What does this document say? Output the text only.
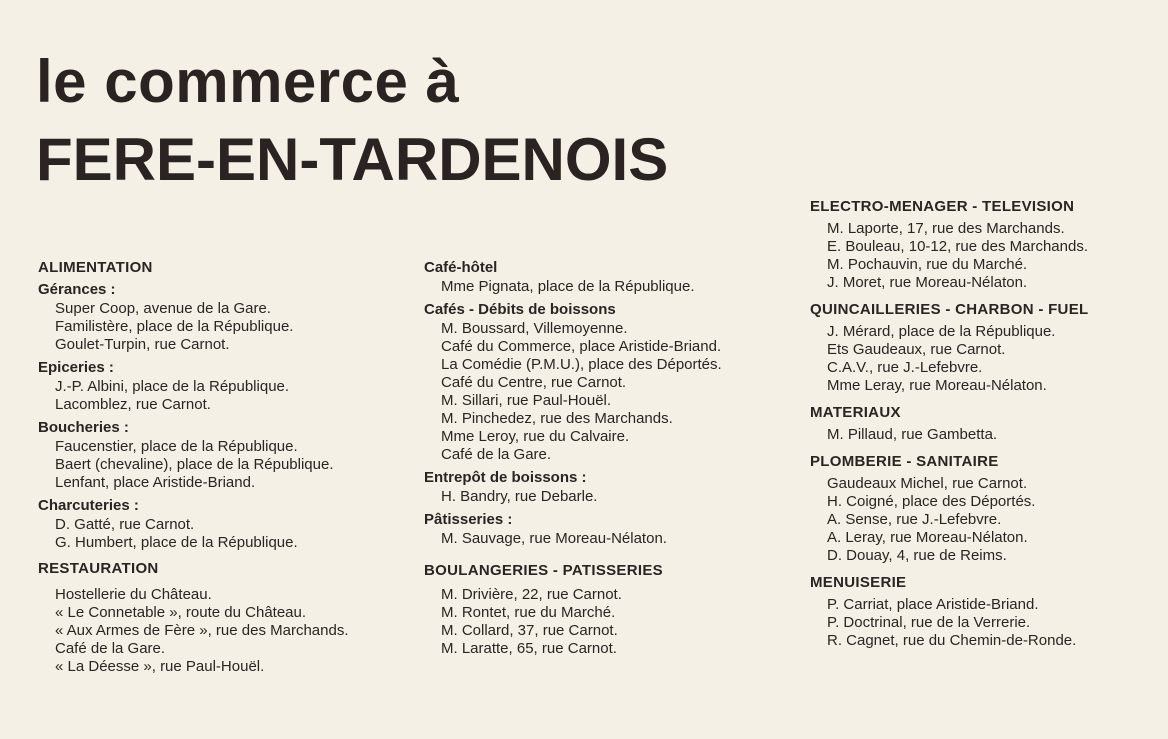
le commerce à
FERE-EN-TARDENOIS
ALIMENTATION
Gérances :
Super Coop, avenue de la Gare.
Familistère, place de la République.
Goulet-Turpin, rue Carnot.
Epiceries :
J.-P. Albini, place de la République.
Lacomblez, rue Carnot.
Boucheries :
Faucenstier, place de la République.
Baert (chevaline), place de la République.
Lenfant, place Aristide-Briand.
Charcuteries :
D. Gatté, rue Carnot.
G. Humbert, place de la République.
RESTAURATION
Hostellerie du Château.
« Le Connetable », route du Château.
« Aux Armes de Fère », rue des Marchands.
Café de la Gare.
« La Déesse », rue Paul-Houël.
Café-hôtel
Mme Pignata, place de la République.
Cafés - Débits de boissons
M. Boussard, Villemoyenne.
Café du Commerce, place Aristide-Briand.
La Comédie (P.M.U.), place des Déportés.
Café du Centre, rue Carnot.
M. Sillari, rue Paul-Houël.
M. Pinchedez, rue des Marchands.
Mme Leroy, rue du Calvaire.
Café de la Gare.
Entrepôt de boissons :
H. Bandry, rue Debarle.
Pâtisseries :
M. Sauvage, rue Moreau-Nélaton.
BOULANGERIES - PATISSERIES
M. Drivière, 22, rue Carnot.
M. Rontet, rue du Marché.
M. Collard, 37, rue Carnot.
M. Laratte, 65, rue Carnot.
ELECTRO-MENAGER - TELEVISION
M. Laporte, 17, rue des Marchands.
E. Bouleau, 10-12, rue des Marchands.
M. Pochauvin, rue du Marché.
J. Moret, rue Moreau-Nélaton.
QUINCAILLERIES - CHARBON - FUEL
J. Mérard, place de la République.
Ets Gaudeaux, rue Carnot.
C.A.V., rue J.-Lefebvre.
Mme Leray, rue Moreau-Nélaton.
MATERIAUX
M. Pillaud, rue Gambetta.
PLOMBERIE - SANITAIRE
Gaudeaux Michel, rue Carnot.
H. Coigné, place des Déportés.
A. Sense, rue J.-Lefebvre.
A. Leray, rue Moreau-Nélaton.
D. Douay, 4, rue de Reims.
MENUISERIE
P. Carriat, place Aristide-Briand.
P. Doctrinal, rue de la Verrerie.
R. Cagnet, rue du Chemin-de-Ronde.
